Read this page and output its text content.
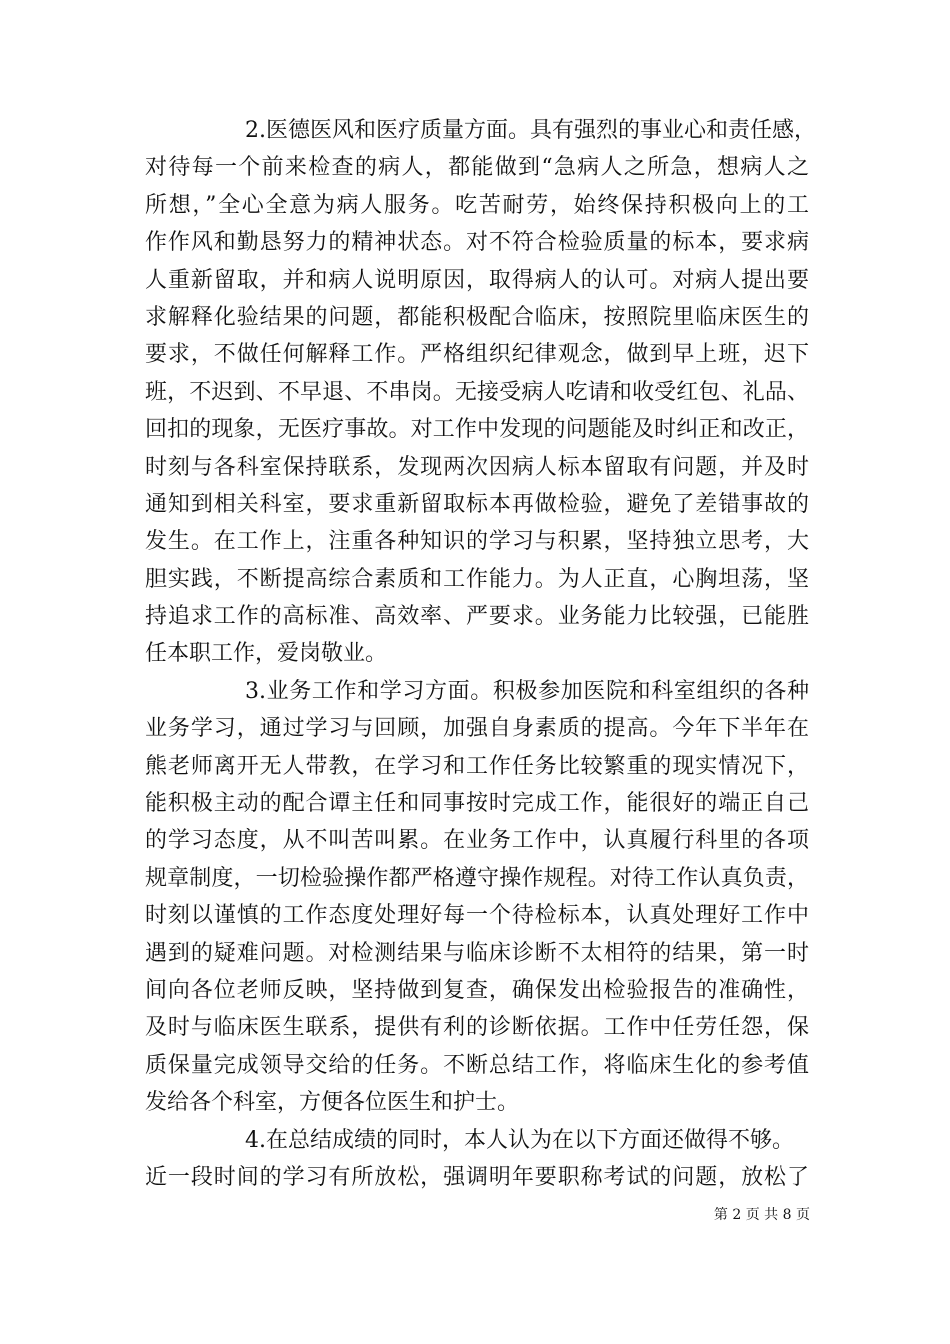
2.医德医风和医疗质量方面。具有强烈的事业心和责任感，
对待每一个前来检查的病人，都能做到“急病人之所急，想病人之
所想，”全心全意为病人服务。吃苦耐劳，始终保持积极向上的工
作作风和勤恳努力的精神状态。对不符合检验质量的标本，要求病
人重新留取，并和病人说明原因，取得病人的认可。对病人提出要
求解释化验结果的问题，都能积极配合临床，按照院里临床医生的
要求，不做任何解释工作。严格组织纪律观念，做到早上班，迟下
班，不迟到、不早退、不串岗。无接受病人吃请和收受红包、礼品、
回扣的现象，无医疗事故。对工作中发现的问题能及时纠正和改正，
时刻与各科室保持联系，发现两次因病人标本留取有问题，并及时
通知到相关科室，要求重新留取标本再做检验，避免了差错事故的
发生。在工作上，注重各种知识的学习与积累，坚持独立思考，大
胆实践，不断提高综合素质和工作能力。为人正直，心胸坦荡，坚
持追求工作的高标准、高效率、严要求。业务能力比较强，已能胜
任本职工作，爱岗敬业。
3.业务工作和学习方面。积极参加医院和科室组织的各种
业务学习，通过学习与回顾，加强自身素质的提高。今年下半年在
熊老师离开无人带教，在学习和工作任务比较繁重的现实情况下，
能积极主动的配合谭主任和同事按时完成工作，能很好的端正自己
的学习态度，从不叫苦叫累。在业务工作中，认真履行科里的各项
规章制度，一切检验操作都严格遵守操作规程。对待工作认真负责，
时刻以谨慎的工作态度处理好每一个待检标本，认真处理好工作中
遇到的疑难问题。对检测结果与临床诊断不太相符的结果，第一时
间向各位老师反映，坚持做到复查，确保发出检验报告的准确性，
及时与临床医生联系，提供有利的诊断依据。工作中任劳任怨，保
质保量完成领导交给的任务。不断总结工作，将临床生化的参考值
发给各个科室，方便各位医生和护士。
4.在总结成绩的同时，本人认为在以下方面还做得不够。
近一段时间的学习有所放松，强调明年要职称考试的问题，放松了
第 2 页 共 8 页
